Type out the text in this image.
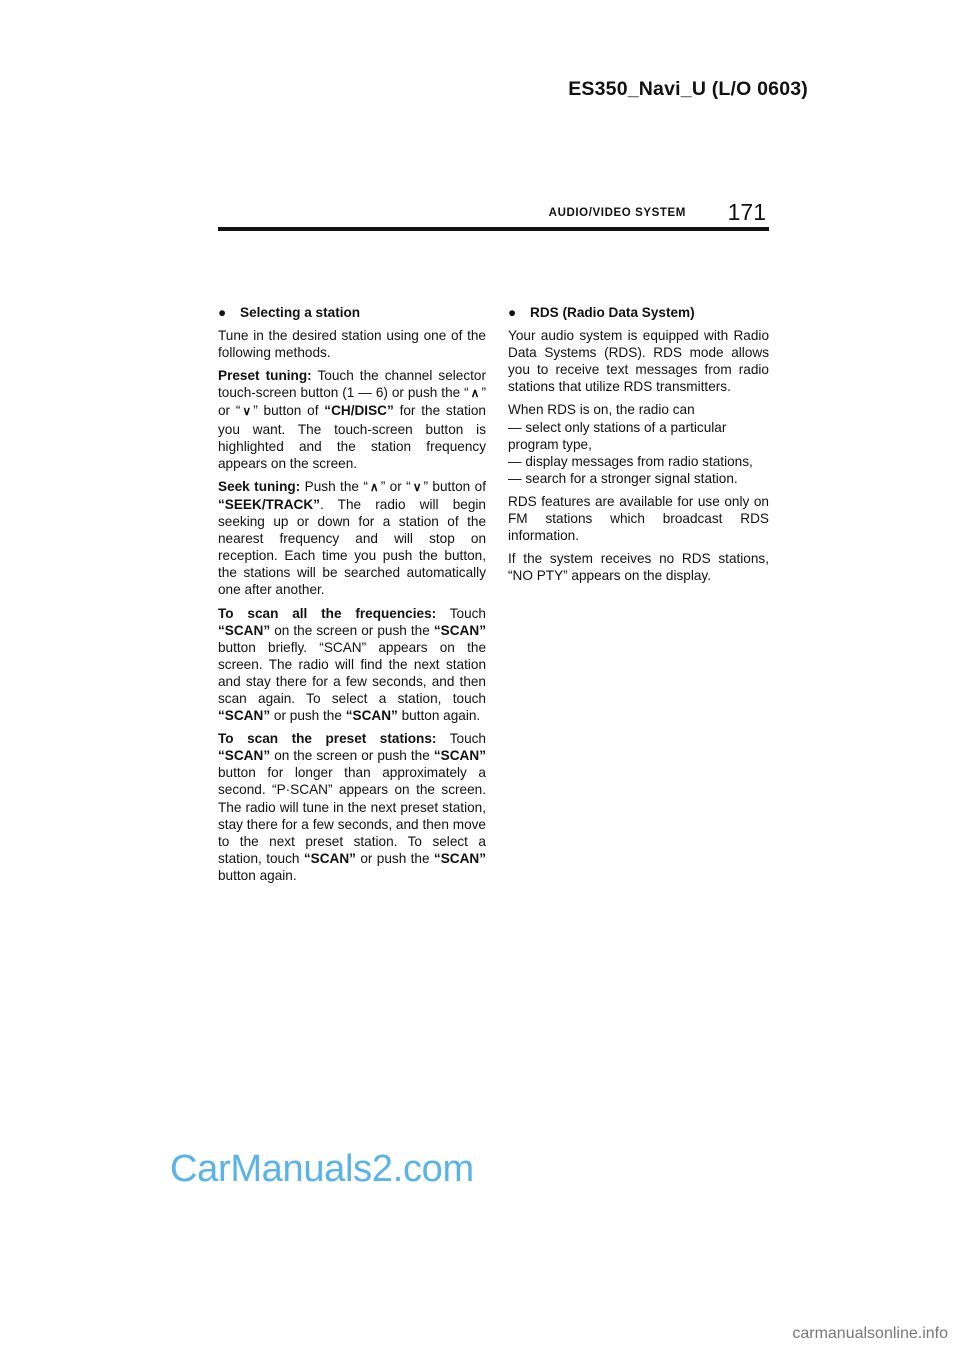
ES350_Navi_U (L/O 0603)
AUDIO/VIDEO SYSTEM 171

● Selecting a station

Tune in the desired station using one of the following methods.

Preset tuning: Touch the channel selector touch-screen button (1 — 6) or push the “ ∧ ” or “ ∨ ” button of “CH/DISC” for the station you want. The touch-screen button is highlighted and the station frequency appears on the screen.

Seek tuning: Push the “ ∧ ” or “ ∨ ” button of “SEEK/TRACK”. The radio will begin seeking up or down for a station of the nearest frequency and will stop on reception. Each time you push the button, the stations will be searched automatically one after another.

To scan all the frequencies: Touch “SCAN” on the screen or push the “SCAN” button briefly. “SCAN” appears on the screen. The radio will find the next station and stay there for a few seconds, and then scan again. To select a station, touch “SCAN” or push the “SCAN” button again.

To scan the preset stations: Touch “SCAN” on the screen or push the “SCAN” button for longer than approximately a second. “P·SCAN” appears on the screen. The radio will tune in the next preset station, stay there for a few seconds, and then move to the next preset station. To select a station, touch “SCAN” or push the “SCAN” button again.

● RDS (Radio Data System)

Your audio system is equipped with Radio Data Systems (RDS). RDS mode allows you to receive text messages from radio stations that utilize RDS transmitters.

When RDS is on, the radio can
— select only stations of a particular program type,
— display messages from radio stations,
— search for a stronger signal station.

RDS features are available for use only on FM stations which broadcast RDS information.

If the system receives no RDS stations, “NO PTY” appears on the display.

CarManuals2.com
carmanualsonline.info
